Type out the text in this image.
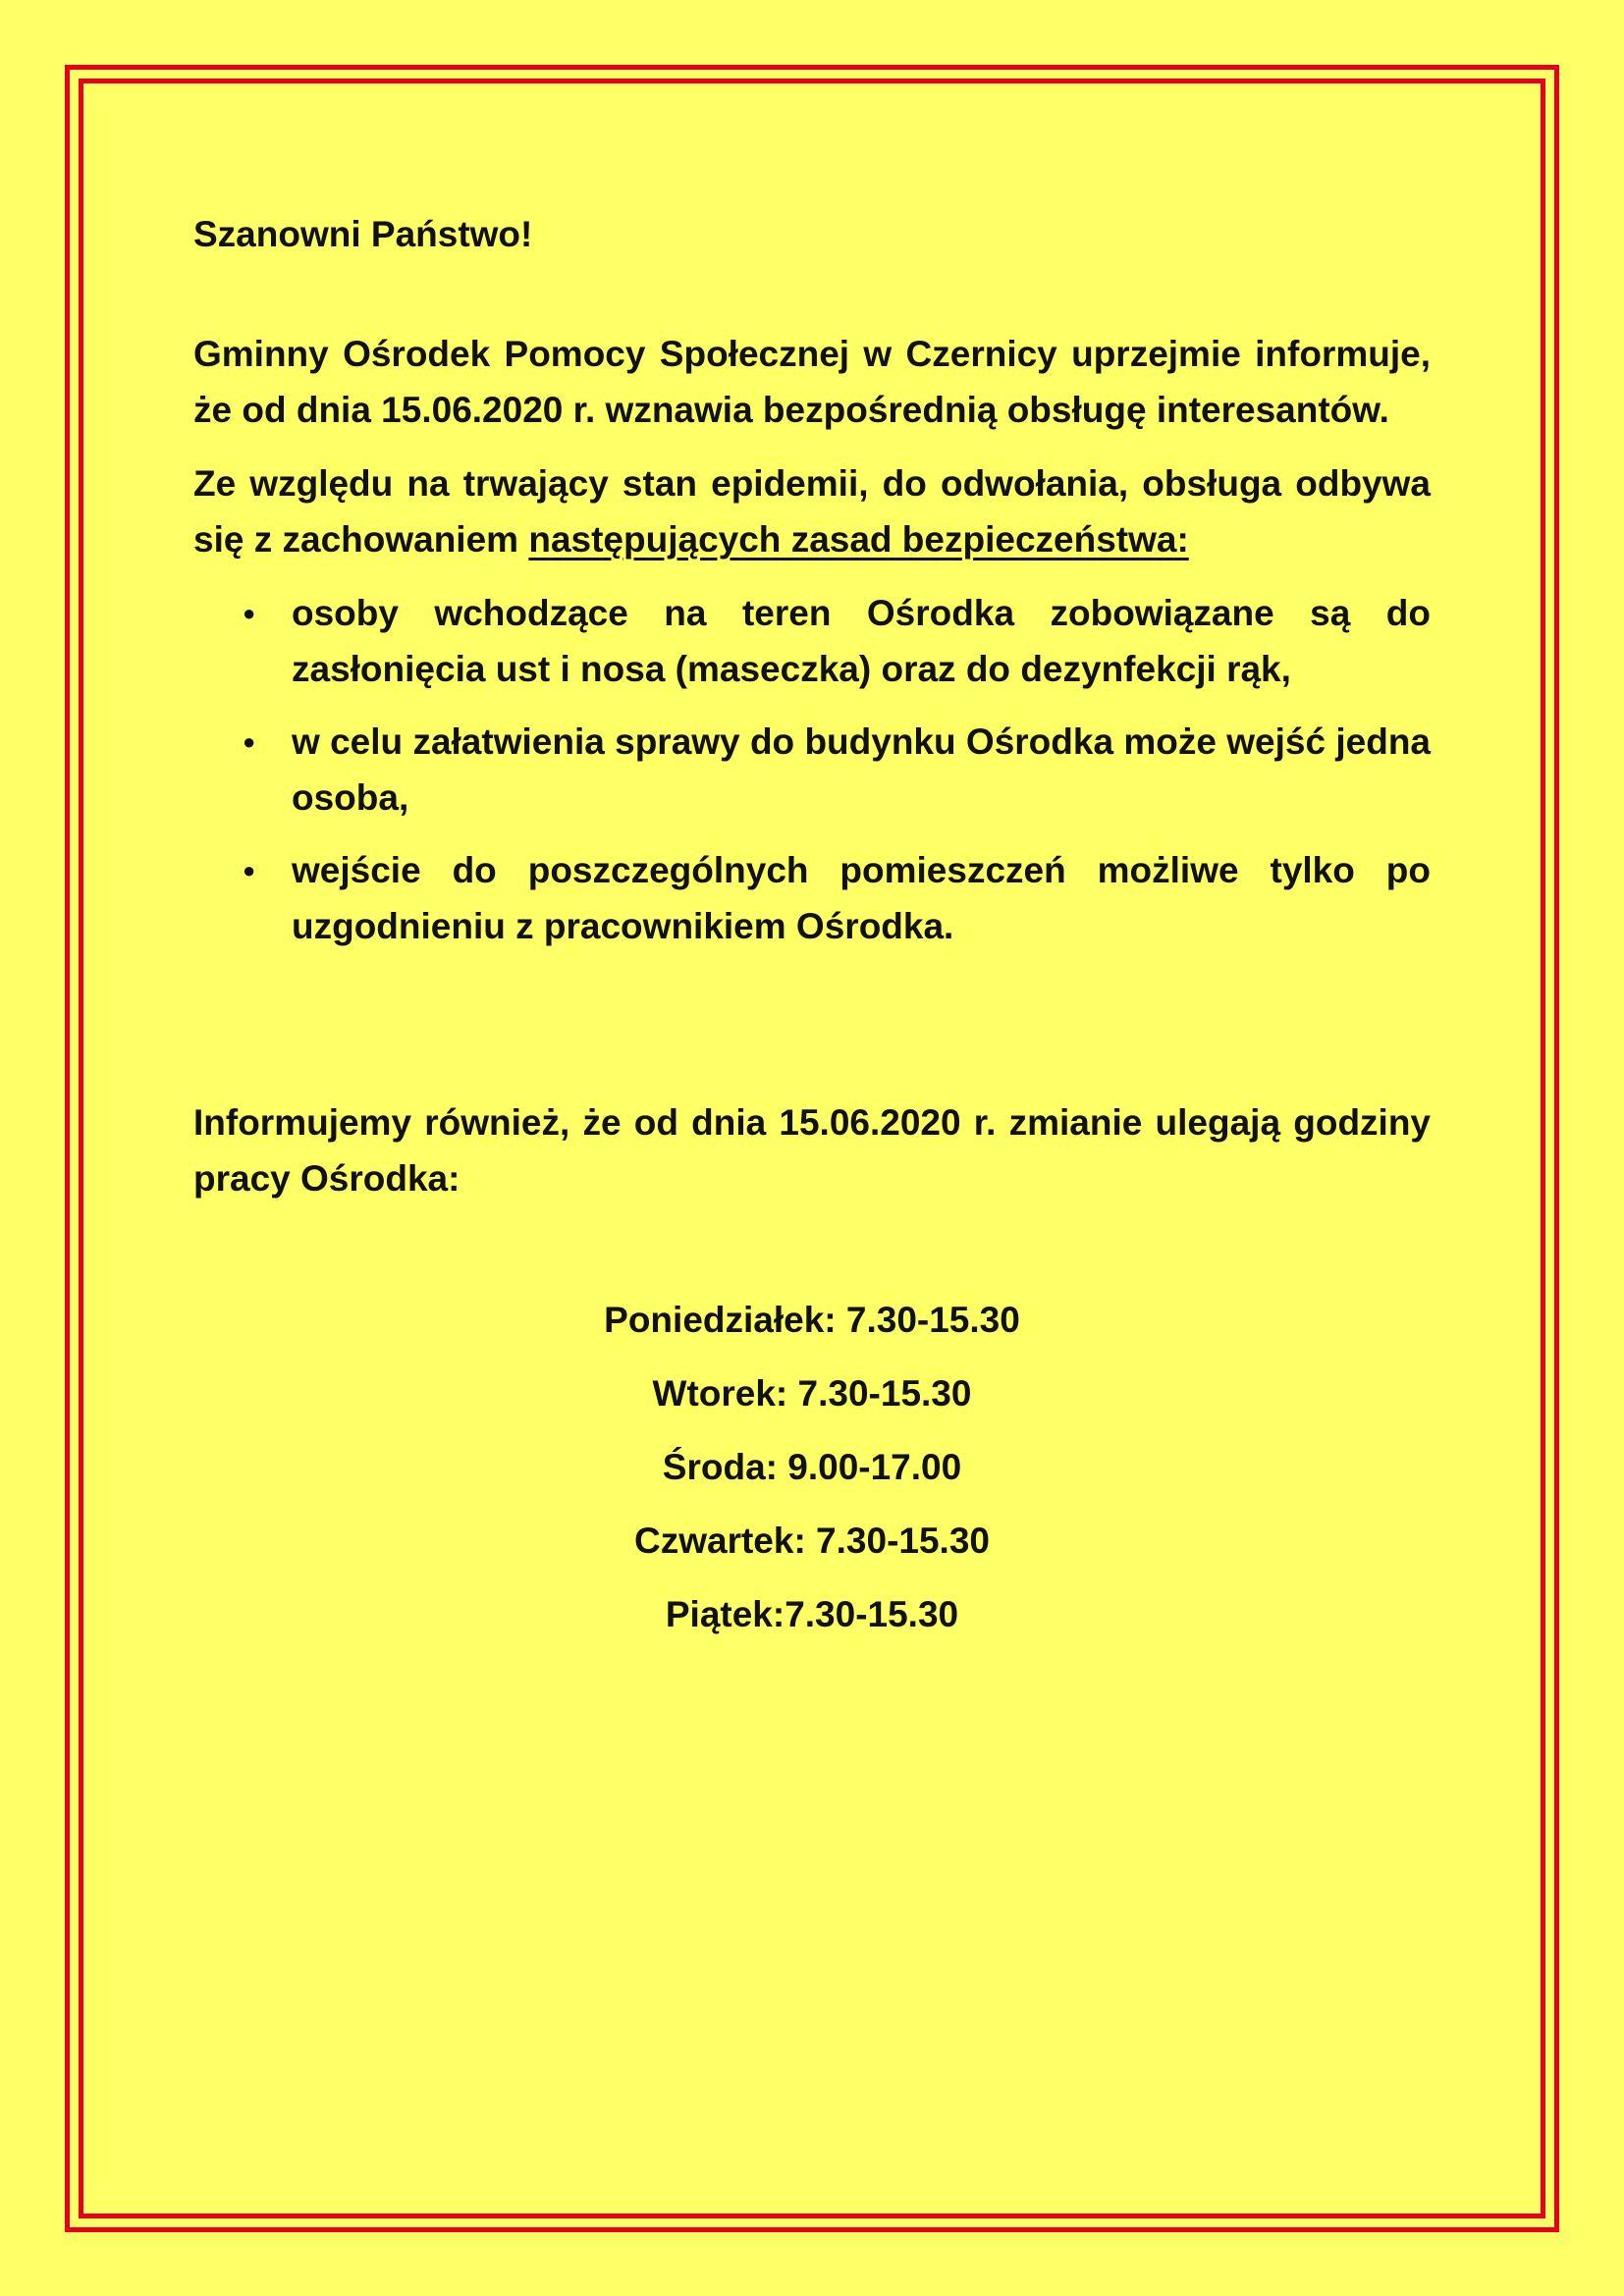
Szanowni Państwo!

Gminny Ośrodek Pomocy Społecznej w Czernicy uprzejmie informuje, że od dnia 15.06.2020 r. wznawia bezpośrednią obsługę interesantów.

Ze względu na trwający stan epidemii, do odwołania, obsługa odbywa się z zachowaniem następujących zasad bezpieczeństwa:

● osoby wchodzące na teren Ośrodka zobowiązane są do zasłonięcia ust i nosa (maseczka) oraz do dezynfekcji rąk,
● w celu załatwienia sprawy do budynku Ośrodka może wejść jedna osoba,
● wejście do poszczególnych pomieszczeń możliwe tylko po uzgodnieniu z pracownikiem Ośrodka.

Informujemy również, że od dnia 15.06.2020 r. zmianie ulegają godziny pracy Ośrodka:

Poniedziałek: 7.30-15.30
Wtorek: 7.30-15.30
Środa: 9.00-17.00
Czwartek: 7.30-15.30
Piątek:7.30-15.30
